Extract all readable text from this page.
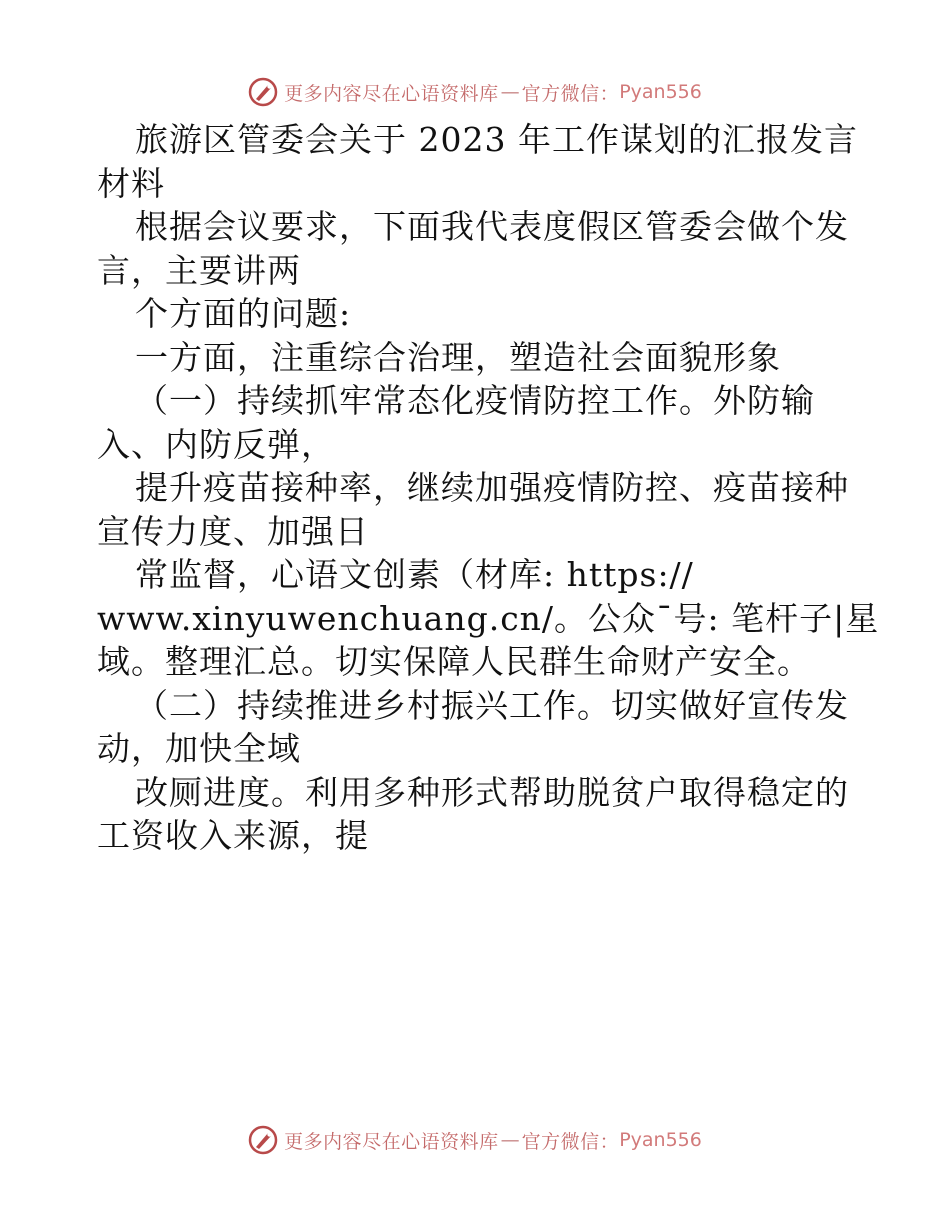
更多内容尽在心语资料库 — 官方微信： Pyan556
旅游区管委会关于 2023 年工作谋划的汇报发言
材料
根据会议要求，下面我代表度假区管委会做个发
言，主要讲两
个方面的问题:
一方面，注重综合治理，塑造社会面貌形象
（一）持续抓牢常态化疫情防控工作。外防输
入、内防反弹，
提升疫苗接种率，继续加强疫情防控、疫苗接种
宣传力度、加强日
常监督，心语文创素（材库: https://
www.xinyuwenchuang.cn/。公众¯号: 笔杆子|星
域。整理汇总。切实保障人民群生命财产安全。
（二）持续推进乡村振兴工作。切实做好宣传发
动，加快全域
改厕进度。利用多种形式帮助脱贫户取得稳定的
工资收入来源，提
更多内容尽在心语资料库 — 官方微信： Pyan556
